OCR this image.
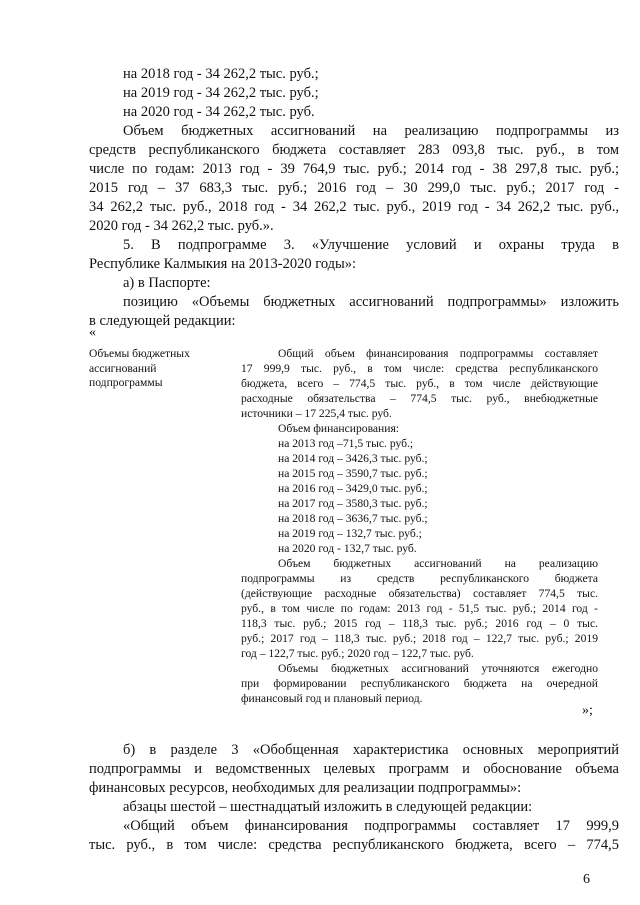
на 2018 год - 34 262,2 тыс. руб.;
на 2019 год - 34 262,2 тыс. руб.;
на 2020 год - 34 262,2 тыс. руб.
Объем бюджетных ассигнований на реализацию подпрограммы из
средств республиканского бюджета составляет 283 093,8 тыс. руб., в том
числе по годам: 2013 год - 39 764,9 тыс. руб.; 2014 год - 38 297,8 тыс. руб.;
2015 год – 37 683,3 тыс. руб.; 2016 год – 30 299,0 тыс. руб.; 2017 год -
34 262,2 тыс. руб., 2018 год - 34 262,2 тыс. руб., 2019 год - 34 262,2 тыс. руб.,
2020 год - 34 262,2 тыс. руб.».
5. В подпрограмме 3. «Улучшение условий и охраны труда в
Республике Калмыкия на 2013-2020 годы»:
а) в Паспорте:
позицию «Объемы бюджетных ассигнований подпрограммы» изложить
в следующей редакции:
«
Объемы бюджетных
ассигнований
подпрограммы
Общий объем финансирования подпрограммы составляет
17 999,9 тыс. руб., в том числе: средства республиканского
бюджета, всего – 774,5 тыс. руб., в том числе действующие
расходные обязательства – 774,5 тыс. руб., внебюджетные
источники – 17 225,4 тыс. руб.
Объем финансирования:
на 2013 год –71,5 тыс. руб.;
на 2014 год – 3426,3 тыс. руб.;
на 2015 год – 3590,7 тыс. руб.;
на 2016 год – 3429,0 тыс. руб.;
на 2017 год – 3580,3 тыс. руб.;
на 2018 год – 3636,7 тыс. руб.;
на 2019 год – 132,7 тыс. руб.;
на 2020 год - 132,7 тыс. руб.
Объем бюджетных ассигнований на реализацию
подпрограммы из средств республиканского бюджета
(действующие расходные обязательства) составляет 774,5 тыс.
руб., в том числе по годам: 2013 год - 51,5 тыс. руб.; 2014 год -
118,3 тыс. руб.; 2015 год – 118,3 тыс. руб.; 2016 год – 0 тыс.
руб.; 2017 год – 118,3 тыс. руб.; 2018 год – 122,7 тыс. руб.; 2019
год – 122,7 тыс. руб.; 2020 год – 122,7 тыс. руб.
Объемы бюджетных ассигнований уточняются ежегодно
при формировании республиканского бюджета на очередной
финансовый год и плановый период.
»;
б) в разделе 3 «Обобщенная характеристика основных мероприятий
подпрограммы и ведомственных целевых программ и обоснование объема
финансовых ресурсов, необходимых для реализации подпрограммы»:
абзацы шестой – шестнадцатый изложить в следующей редакции:
«Общий объем финансирования подпрограммы составляет 17 999,9
тыс. руб., в том числе: средства республиканского бюджета, всего – 774,5
6
